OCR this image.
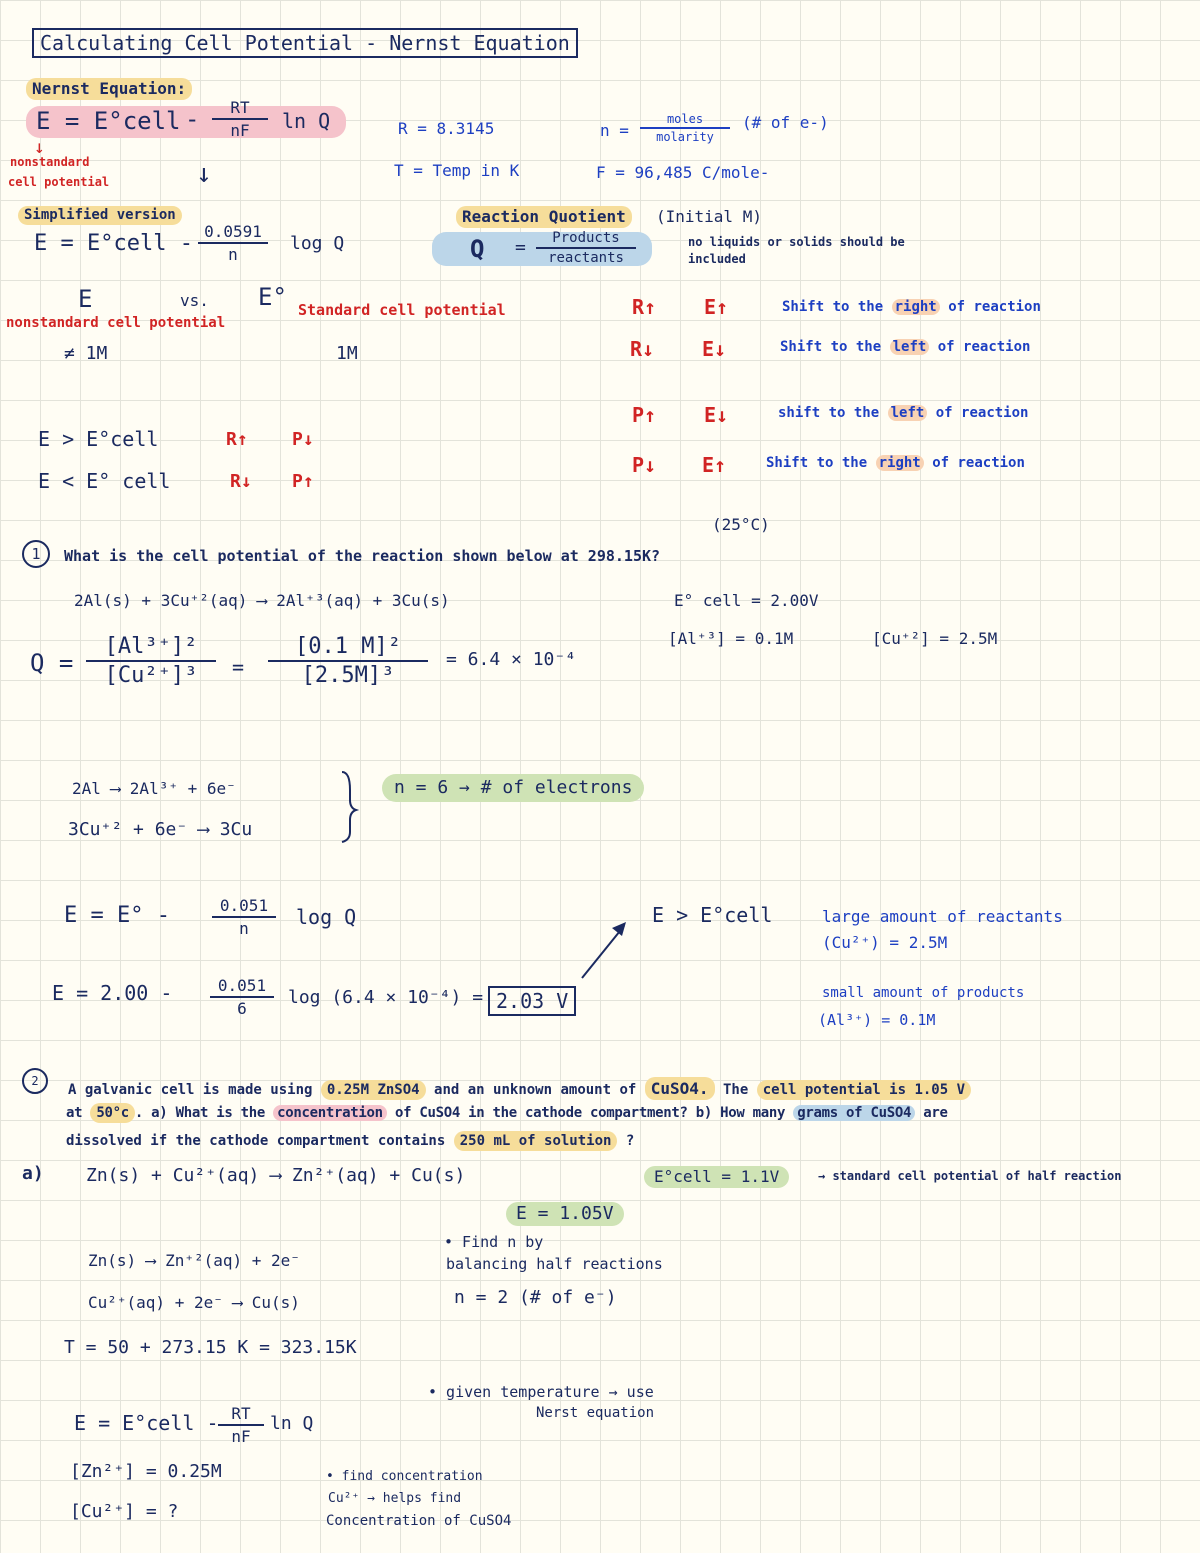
Calculating Cell Potential - Nernst Equation
Nernst Equation:
E = E°cell - RT
nF ln Q
↓
nonstandard
cell potential	↓
R = 8.3145
T = Temp in K
n =
moles
molarity
(# of e-)
F = 96,485 C/mole-
Simplified version
E = E°cell - 0.0591
n
log Q
Reaction Quotient	(Initial M)
Q = Products
reactants
no liquids or solids should be
included
E	vs. E° Standard cell potential
nonstandard cell potential
≠ 1M	1M
E > E°cell	R↑ P↓
E < E° cell	R↓ P↑
R↑ E↑	Shift to the right of reaction
R↓ E↓	Shift to the left of reaction
P↑ E↓	shift to the left of reaction
P↓ E↑	Shift to the right of reaction
(25°C)
1	What is the cell potential of the reaction shown below at 298.15K?
2Al(s) + 3Cu⁺²(aq) ⟶ 2Al⁺³(aq) + 3Cu(s)	E° cell = 2.00V
[Al⁺³] = 0.1M	[Cu⁺²] = 2.5M
Q =
[Al³⁺]²
[Cu²⁺]³ =
[0.1 M]²
[2.5M]³
= 6.4 × 10⁻⁴
2Al ⟶ 2Al³⁺ + 6e⁻
3Cu⁺² + 6e⁻ ⟶ 3Cu
n = 6 → # of electrons
E = E° -	0.051
n log Q
E = 2.00 -	0.051
6
log (6.4 × 10⁻⁴) = 2.03 V
E > E°cell	large amount of reactants
(Cu²⁺) = 2.5M
small amount of products
(Al³⁺) = 0.1M
2
A galvanic cell is made using 0.25M ZnSO4 and an unknown amount of CuSO4. The cell potential is 1.05 V
at 50°c . a) What is the concentration of CuSO4 in the cathode compartment? b) How many grams of CuSO4 are
dissolved if the cathode compartment contains 250 mL of solution ?
a) Zn(s) + Cu²⁺(aq) ⟶ Zn²⁺(aq) + Cu(s)	E°cell = 1.1V	→ standard cell potential of half reaction
E = 1.05V
Zn(s) ⟶ Zn⁺²(aq) + 2e⁻
Cu²⁺(aq) + 2e⁻ ⟶ Cu(s)
• Find n by
balancing half reactions
n = 2 (# of e⁻)
T = 50 + 273.15 K = 323.15K
• given temperature → use
Nerst equation
E = E°cell - RT
nF
ln Q
[Zn²⁺] = 0.25M
[Cu²⁺] = ?
• find concentration
Cu²⁺ → helps find
Concentration of CuSO4
